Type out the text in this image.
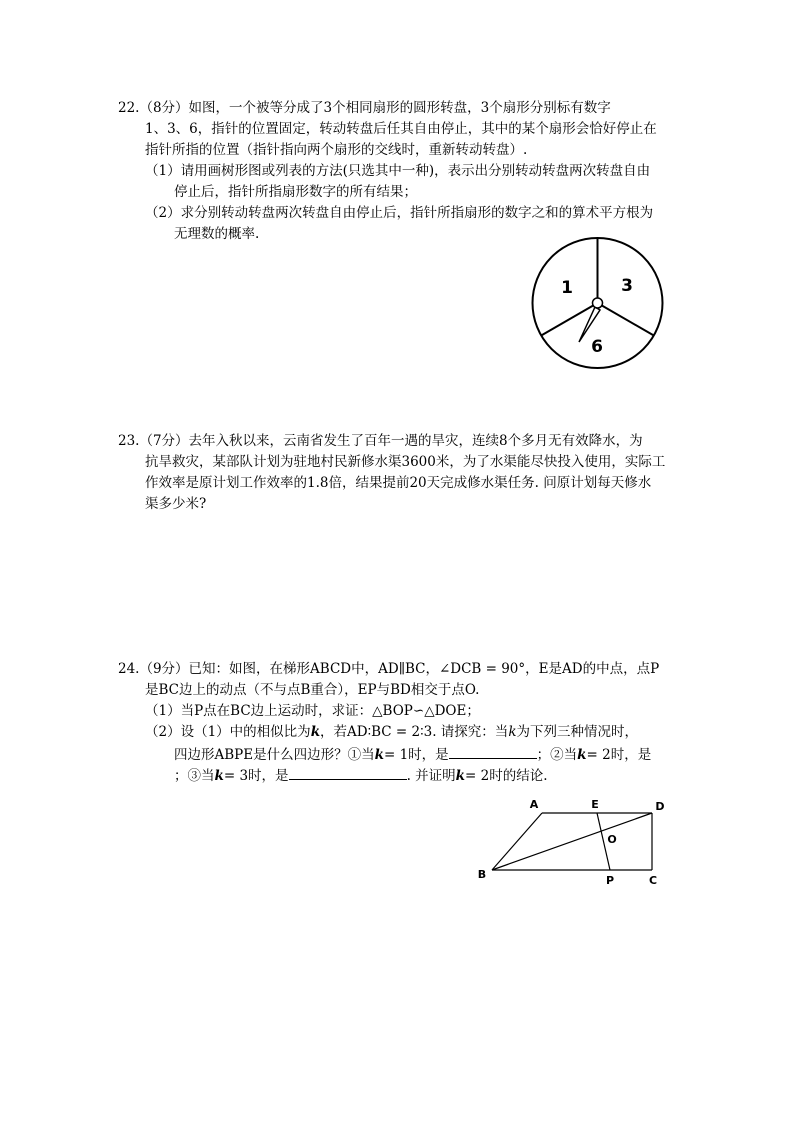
22.（8分）如图，一个被等分成了3个相同扇形的圆形转盘，3个扇形分别标有数字
1、3、6，指针的位置固定，转动转盘后任其自由停止，其中的某个扇形会恰好停止在
指针所指的位置（指针指向两个扇形的交线时，重新转动转盘）.
（1）请用画树形图或列表的方法(只选其中一种)，表示出分别转动转盘两次转盘自由
停止后，指针所指扇形数字的所有结果；
（2）求分别转动转盘两次转盘自由停止后，指针所指扇形的数字之和的算术平方根为
无理数的概率.
1	3
6
23.（7分）去年入秋以来，云南省发生了百年一遇的旱灾，连续8个多月无有效降水，为
抗旱救灾，某部队计划为驻地村民新修水渠3600米，为了水渠能尽快投入使用，实际工
作效率是原计划工作效率的1.8倍，结果提前20天完成修水渠任务. 问原计划每天修水
渠多少米?
24.（9分）已知：如图，在梯形ABCD中，AD∥BC，∠DCB = 90°，E是AD的中点，点P
是BC边上的动点（不与点B重合），EP与BD相交于点O.
（1）当P点在BC边上运动时，求证：△BOP∽△DOE；
（2）设（1）中的相似比为k，若AD∶BC = 2∶3. 请探究：当k为下列三种情况时，
四边形ABPE是什么四边形？①当k= 1时，是	；②当k= 2时，是
；③当k= 3时，是	. 并证明k= 2时的结论.
A	E	D
O
B	P	C
